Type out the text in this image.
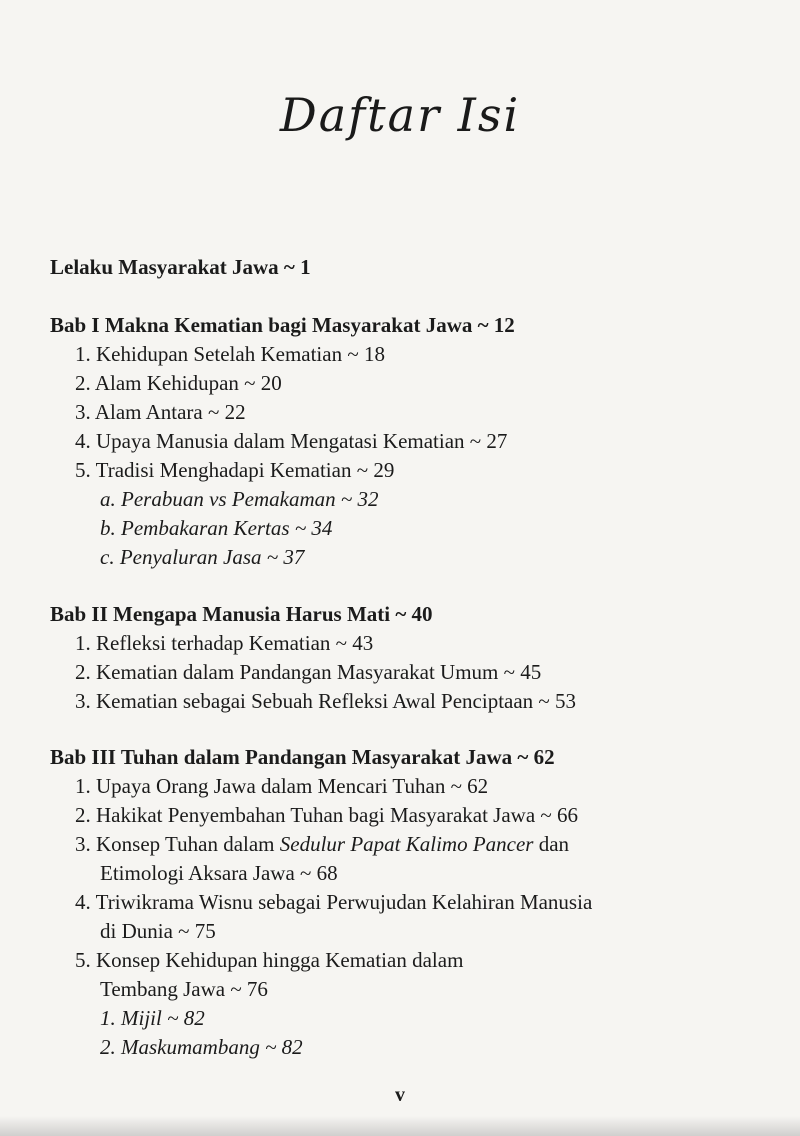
Daftar Isi
Lelaku Masyarakat Jawa ~ 1
Bab I Makna Kematian bagi Masyarakat Jawa ~ 12
1. Kehidupan Setelah Kematian ~ 18
2. Alam Kehidupan ~ 20
3. Alam Antara ~ 22
4. Upaya Manusia dalam Mengatasi Kematian ~ 27
5. Tradisi Menghadapi Kematian ~ 29
a. Perabuan vs Pemakaman ~ 32
b. Pembakaran Kertas ~ 34
c. Penyaluran Jasa ~ 37
Bab II Mengapa Manusia Harus Mati ~ 40
1. Refleksi terhadap Kematian ~ 43
2. Kematian dalam Pandangan Masyarakat Umum ~ 45
3. Kematian sebagai Sebuah Refleksi Awal Penciptaan ~ 53
Bab III Tuhan dalam Pandangan Masyarakat Jawa ~ 62
1. Upaya Orang Jawa dalam Mencari Tuhan ~ 62
2. Hakikat Penyembahan Tuhan bagi Masyarakat Jawa ~ 66
3. Konsep Tuhan dalam Sedulur Papat Kalimo Pancer dan
Etimologi Aksara Jawa ~ 68
4. Triwikrama Wisnu sebagai Perwujudan Kelahiran Manusia
di Dunia ~ 75
5. Konsep Kehidupan hingga Kematian dalam
Tembang Jawa ~ 76
1. Mijil ~ 82
2. Maskumambang ~ 82
v
